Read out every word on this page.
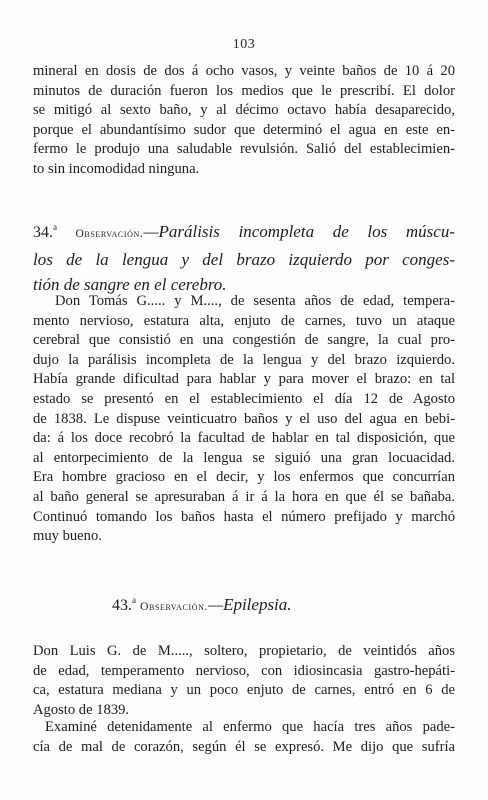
103
mineral en dosis de dos á ocho vasos, y veinte baños de 10 á 20
minutos de duración fueron los medios que le prescribí. El dolor
se mitigó al sexto baño, y al décimo octavo había desaparecido,
porque el abundantísimo sudor que determinó el agua en este en-
fermo le produjo una saludable revulsión. Salió del establecimien-
to sin incomodidad ninguna.
34.$^a$ Observación.—Parálisis incompleta de los múscu-
los de la lengua y del brazo izquierdo por conges-
tión de sangre en el cerebro.
Don Tomás G..... y M...., de sesenta años de edad, tempera-
mento nervioso, estatura alta, enjuto de carnes, tuvo un ataque
cerebral que consistió en una congestión de sangre, la cual pro-
dujo la parálisis incompleta de la lengua y del brazo izquierdo.
Había grande dificultad para hablar y para mover el brazo: en tal
estado se presentó en el establecimiento el día 12 de Agosto
de 1838. Le dispuse veinticuatro baños y el uso del agua en bebi-
da: á los doce recobró la facultad de hablar en tal disposición, que
al entorpecimiento de la lengua se siguió una gran locuacidad.
Era hombre gracioso en el decir, y los enfermos que concurrían
al baño general se apresuraban á ir á la hora en que él se bañaba.
Continuó tomando los baños hasta el número prefijado y marchó
muy bueno.
43.$^a$ Observación.—Epilepsia.
Don Luis G. de M....., soltero, propietario, de veintidós años
de edad, temperamento nervioso, con idiosincasia gastro-hepáti-
ca, estatura mediana y un poco enjuto de carnes, entró en 6 de
Agosto de 1839.
Examiné detenidamente al enfermo que hacía tres años pade-
cía de mal de corazón, según él se expresó. Me dijo que sufría
